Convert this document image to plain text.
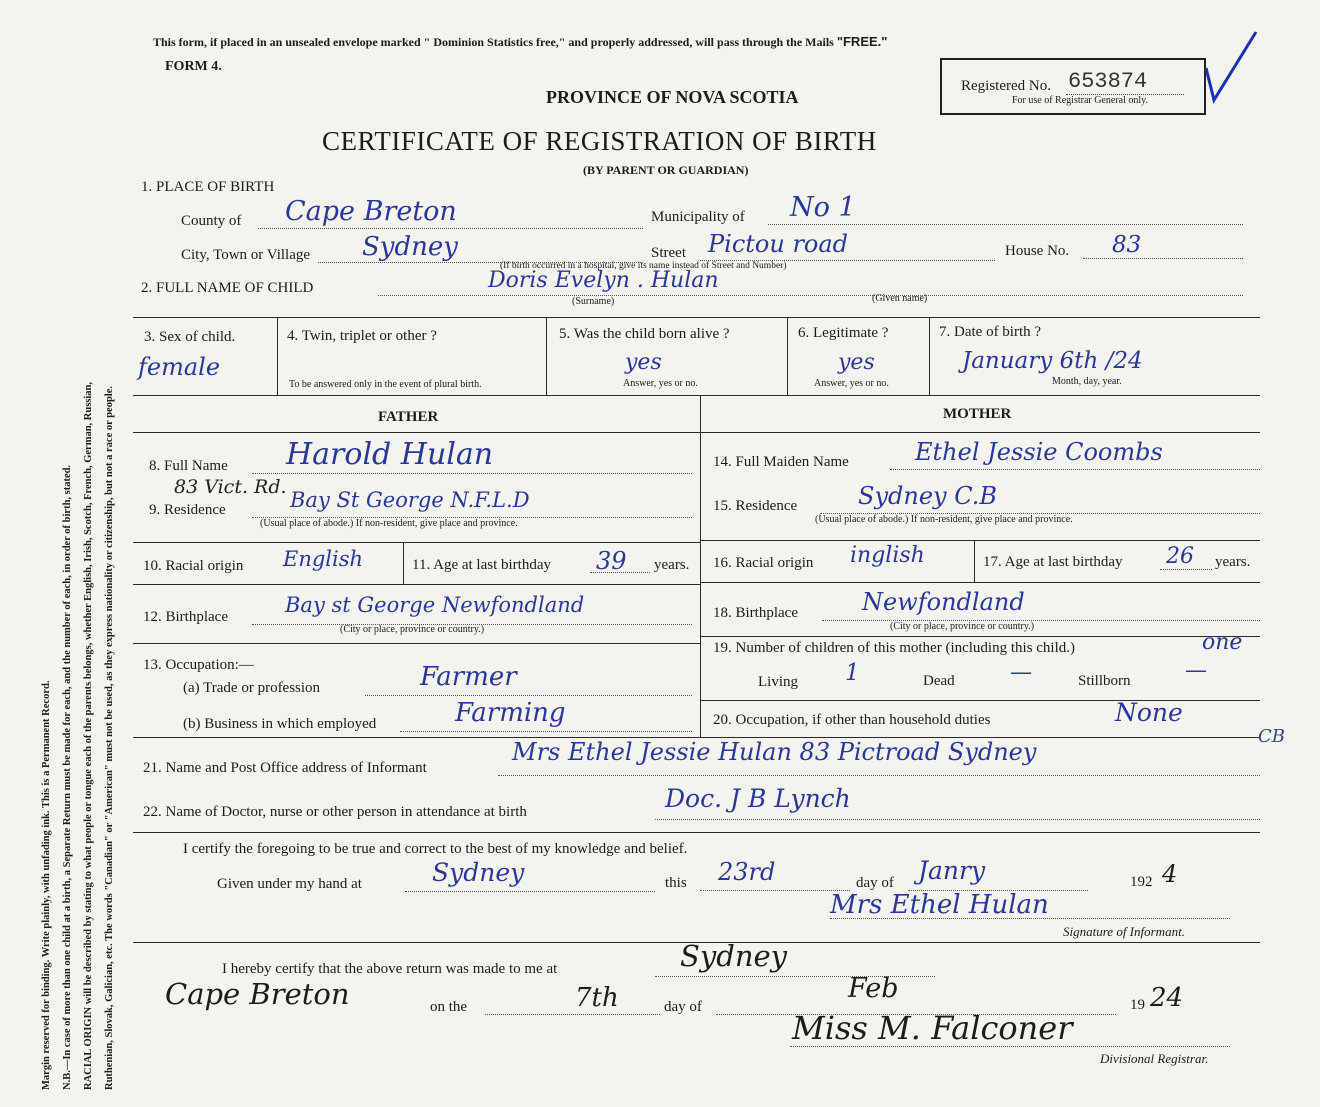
Margin reserved for binding. Write plainly, with unfading ink. This is a Permanent Record. N.B.—In case of more than one child at a birth, a Separate Return must be made for each, and the number of each, in order of birth, stated. RACIAL ORIGIN will be described by stating to what people or tongue each of the parents belongs, whether English, Irish, Scotch, French, German, Russian, Ruthenian, Slovak, Galician, etc. The words "Canadian" or "American" must not be used, as they express nationality or citizenship, but not a race or people.
This form, if placed in an unsealed envelope marked " Dominion Statistics free," and properly addressed, will pass through the Mails "FREE."
FORM 4.
PROVINCE OF NOVA SCOTIA
CERTIFICATE OF REGISTRATION OF BIRTH
(BY PARENT OR GUARDIAN)
Registered No. 653874
For use of Registrar General only.
1. PLACE OF BIRTH
County of Cape Breton	Municipality of No 1
City, Town or Village Sydney	Street Pictou road	House No. 83
(If birth occurred in a hospital, give its name instead of Street and Number)
2. FULL NAME OF CHILD	Doris Evelyn . Hulan
(Surname)	(Given name)
3. Sex of child.
female
4. Twin, triplet or other ?
To be answered only in the event of plural birth.
5. Was the child born alive ?
yes
Answer, yes or no.
6. Legitimate ?
yes
Answer, yes or no.
7. Date of birth ?
January 6th /24
Month, day, year.
FATHER	MOTHER
8. Full Name Harold Hulan
83 Vict. Rd.
9. Residence	Bay St George N.F.L.D
(Usual place of abode.) If non-resident, give place and province.
10. Racial origin English	11. Age at last birthday 39 years.
12. Birthplace	Bay st George Newfondland
(City or place, province or country.)
13. Occupation:—
(a) Trade or profession	Farmer
(b) Business in which employed	Farming
14. Full Maiden Name	Ethel Jessie Coombs
15. Residence	Sydney C.B
(Usual place of abode.) If non-resident, give place and province.
16. Racial origin inglish	17. Age at last birthday 26 years.
18. Birthplace	Newfondland
(City or place, province or country.)
19. Number of children of this mother (including this child.)	one
Living 1	Dead	—	Stillborn —
20. Occupation, if other than household duties	None
21. Name and Post Office address of Informant
Mrs Ethel Jessie Hulan 83 Pictroad Sydney
CB
22. Name of Doctor, nurse or other person in attendance at birth	Doc. J B Lynch
I certify the foregoing to be true and correct to the best of my knowledge and belief.
Given under my hand at	Sydney	this 23rd	day of Janry	192 4
Mrs Ethel Hulan
Signature of Informant.
I hereby certify that the above return was made to me at	Sydney
Cape Breton	on the	7th	day of
Feb
19 24
Miss M. Falconer
Divisional Registrar.
